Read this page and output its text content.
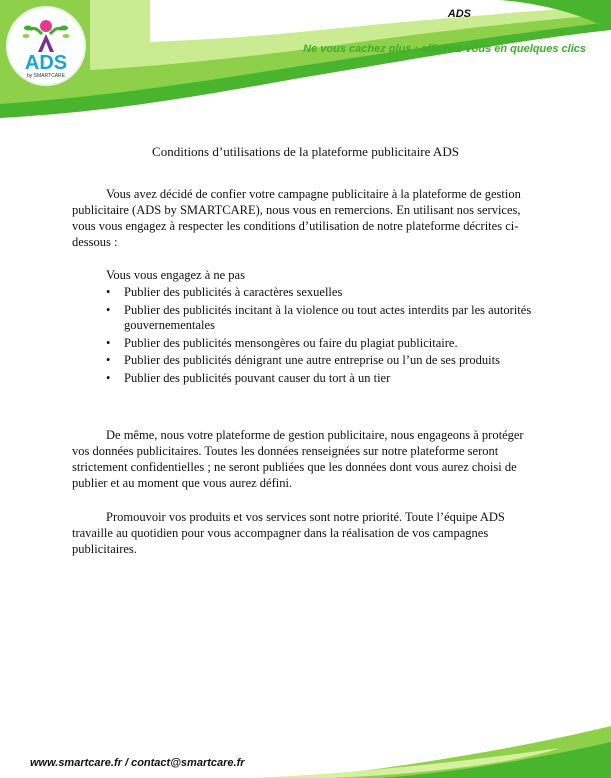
ADS
by SMARTCARE
ADS
Ne vous cachez plus : affichez-vous en quelques clics
Conditions d’utilisations de la plateforme publicitaire ADS

Vous avez décidé de confier votre campagne publicitaire à la plateforme de gestion publicitaire (ADS by SMARTCARE), nous vous en remercions. En utilisant nos services, vous vous engagez à respecter les conditions d’utilisation de notre plateforme décrites ci-dessous :

Vous vous engagez à ne pas

• Publier des publicités à caractères sexuelles
• Publier des publicités incitant à la violence ou tout actes interdits par les autorités gouvernementales
• Publier des publicités mensongères ou faire du plagiat publicitaire.
• Publier des publicités dénigrant une autre entreprise ou l’un de ses produits
• Publier des publicités pouvant causer du tort à un tier

De même, nous votre plateforme de gestion publicitaire, nous engageons à protéger vos données publicitaires. Toutes les données renseignées sur notre plateforme seront strictement confidentielles ; ne seront publiées que les données dont vous aurez choisi de publier et au moment que vous aurez défini.

Promouvoir vos produits et vos services sont notre priorité. Toute l’équipe ADS travaille au quotidien pour vous accompagner dans la réalisation de vos campagnes publicitaires.

www.smartcare.fr / contact@smartcare.fr
